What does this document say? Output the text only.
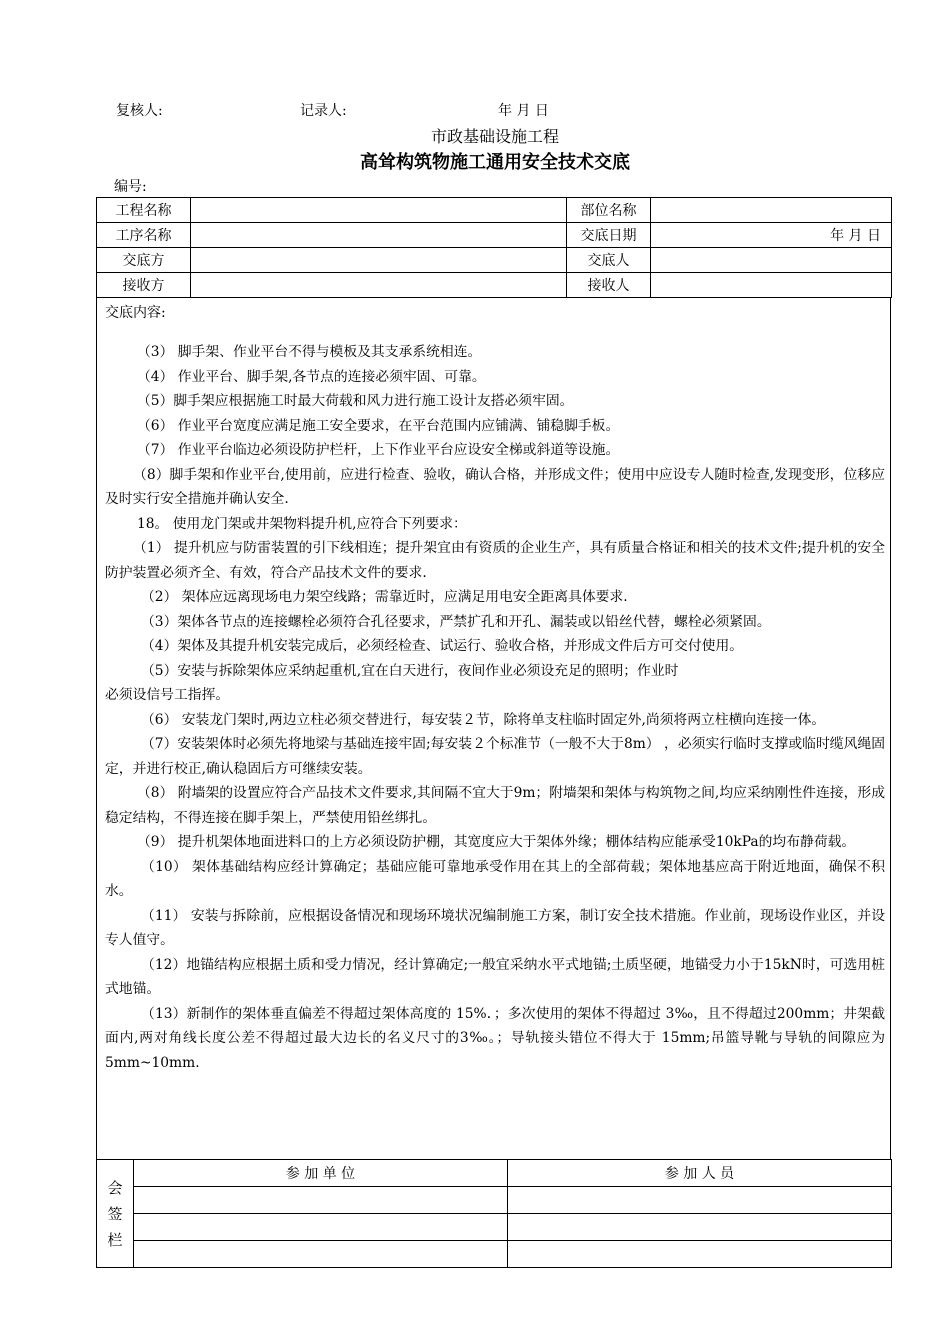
复核人:	记录人:	年 月 日
市政基础设施工程
高耸构筑物施工通用安全技术交底
编号:
工程名称		部位名称	
工序名称		交底日期	年 月 日
交底方		交底人	
接收方		接收人	
交底内容:

（3） 脚手架、作业平台不得与模板及其支承系统相连。

（4） 作业平台、脚手架,各节点的连接必须牢固、可靠。

（5）脚手架应根据施工时最大荷载和风力进行施工设计友搭必须牢固。

（6） 作业平台宽度应满足施工安全要求，在平台范围内应铺满、铺稳脚手板。

（7） 作业平台临边必须设防护栏杆，上下作业平台应设安全梯或斜道等设施。

（8）脚手架和作业平台,使用前，应进行检查、验收，确认合格，并形成文件；使用中应设专人随时检查,发现变形，位移应及时实行安全措施并确认安全.

18。 使用龙门架或井架物料提升机,应符合下列要求：

（1） 提升机应与防雷装置的引下线相连；提升架宜由有资质的企业生产，具有质量合格证和相关的技术文件;提升机的安全防护装置必须齐全、有效，符合产品技术文件的要求.

（2） 架体应远离现场电力架空线路；需靠近时，应满足用电安全距离具体要求.

（3）架体各节点的连接螺栓必须符合孔径要求，严禁扩孔和开孔、漏装或以铅丝代替，螺栓必须紧固。

（4）架体及其提升机安装完成后，必须经检查、试运行、验收合格，并形成文件后方可交付使用。

（5）安装与拆除架体应采纳起重机,宜在白天进行，夜间作业必须设充足的照明；作业时

必须设信号工指挥。

（6） 安装龙门架时,两边立柱必须交替进行，每安装２节，除将单支柱临时固定外,尚须将两立柱横向连接一体。

（7）安装架体时必须先将地梁与基础连接牢固;每安装２个标准节（一般不大于8m） ，必须实行临时支撑或临时缆风绳固定，并进行校正,确认稳固后方可继续安装。

（8） 附墙架的设置应符合产品技术文件要求,其间隔不宜大于9m；附墙架和架体与构筑物之间,均应采纳刚性件连接，形成稳定结构，不得连接在脚手架上，严禁使用铅丝绑扎。

（9） 提升机架体地面进料口的上方必须设防护棚，其宽度应大于架体外缘；棚体结构应能承受10kPa的均布静荷载。

（10） 架体基础结构应经计算确定；基础应能可靠地承受作用在其上的全部荷载；架体地基应高于附近地面，确保不积水。

（11） 安装与拆除前，应根据设备情况和现场环境状况编制施工方案，制订安全技术措施。作业前，现场设作业区，并设专人值守。

（12）地锚结构应根据土质和受力情况，经计算确定;一般宜采纳水平式地锚;土质坚硬，地锚受力小于15kN时，可选用桩式地锚。

（13）新制作的架体垂直偏差不得超过架体高度的 15%．；多次使用的架体不得超过 3‰，且不得超过200mm；井架截面内,两对角线长度公差不得超过最大边长的名义尺寸的3‰。；导轨接头错位不得大于 15mm;吊篮导靴与导轨的间隙应为 5mm~10mm.

会
签
栏	参 加 单 位	参 加 人 员
